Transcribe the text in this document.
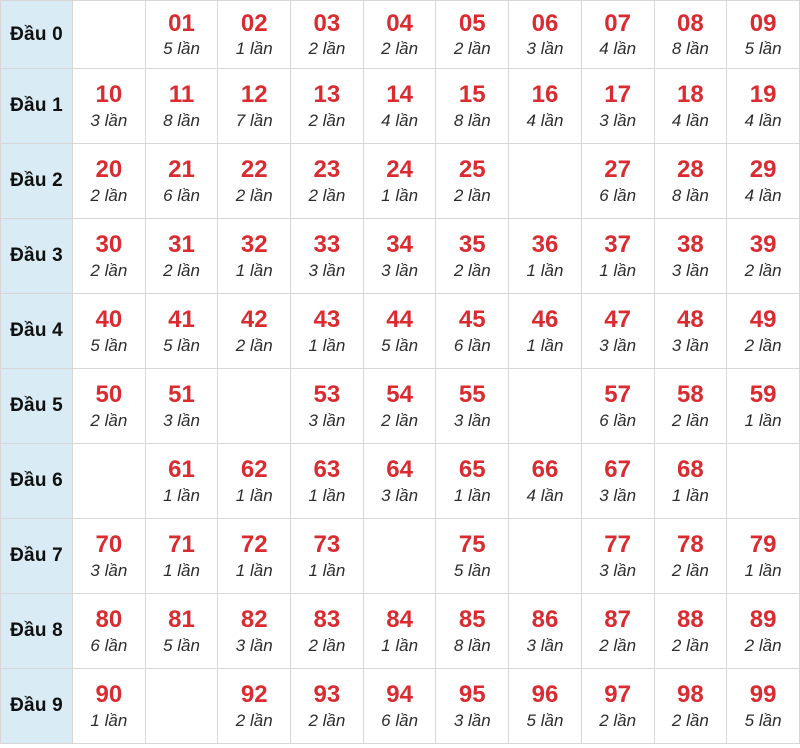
Đầu 0		01
5 lần

02
1 lần

03
2 lần

04
2 lần

05
2 lần

06
3 lần

07
4 lần

08
8 lần

09
5 lần

Đầu 1	10
3 lần

11
8 lần

12
7 lần

13
2 lần

14
4 lần

15
8 lần

16
4 lần

17
3 lần

18
4 lần

19
4 lần

Đầu 2	20
2 lần

21
6 lần

22
2 lần

23
2 lần

24
1 lần

25
2 lần

27
6 lần

28
8 lần

29
4 lần

Đầu 3	30
2 lần

31
2 lần

32
1 lần

33
3 lần

34
3 lần

35
2 lần

36
1 lần

37
1 lần

38
3 lần

39
2 lần

Đầu 4	40
5 lần

41
5 lần

42
2 lần

43
1 lần

44
5 lần

45
6 lần

46
1 lần

47
3 lần

48
3 lần

49
2 lần

Đầu 5	50
2 lần

51
3 lần

53
3 lần

54
2 lần

55
3 lần

57
6 lần

58
2 lần

59
1 lần

Đầu 6		61
1 lần

62
1 lần

63
1 lần

64
3 lần

65
1 lần

66
4 lần

67
3 lần

68
1 lần

Đầu 7	70
3 lần

71
1 lần

72
1 lần

73
1 lần

75
5 lần

77
3 lần

78
2 lần

79
1 lần

Đầu 8	80
6 lần

81
5 lần

82
3 lần

83
2 lần

84
1 lần

85
8 lần

86
3 lần

87
2 lần

88
2 lần

89
2 lần

Đầu 9	90
1 lần

92
2 lần

93
2 lần

94
6 lần

95
3 lần

96
5 lần

97
2 lần

98
2 lần

99
5 lần
